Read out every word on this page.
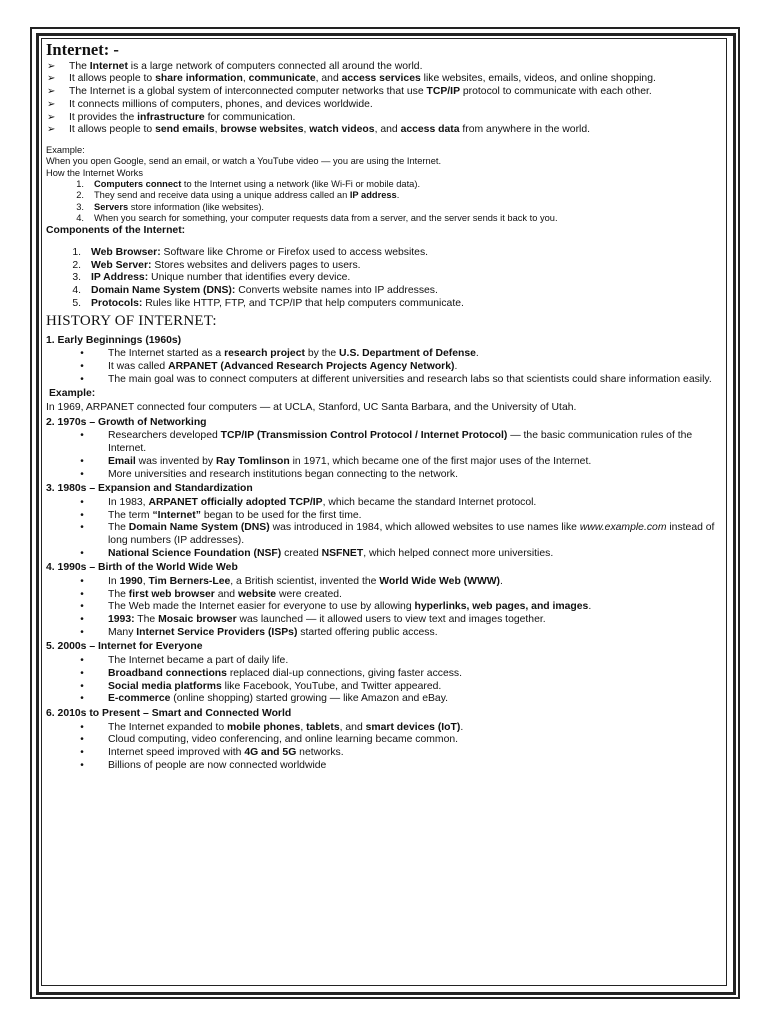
Internet: -
➢	The Internet is a large network of computers connected all around the world.
➢	It allows people to share information, communicate, and access services like websites, emails, videos, and online shopping.
➢	The Internet is a global system of interconnected computer networks that use TCP/IP protocol to communicate with each other.
➢	It connects millions of computers, phones, and devices worldwide.
➢	It provides the infrastructure for communication.
➢	It allows people to send emails, browse websites, watch videos, and access data from anywhere in the world.
Example:
When you open Google, send an email, or watch a YouTube video — you are using the Internet.
How the Internet Works
1.	Computers connect to the Internet using a network (like Wi-Fi or mobile data).
2.	They send and receive data using a unique address called an IP address.
3.	Servers store information (like websites).
4.	When you search for something, your computer requests data from a server, and the server sends it back to you.
Components of the Internet:
1. Web Browser: Software like Chrome or Firefox used to access websites.
2. Web Server: Stores websites and delivers pages to users.
3. IP Address: Unique number that identifies every device.
4. Domain Name System (DNS): Converts website names into IP addresses.
5. Protocols: Rules like HTTP, FTP, and TCP/IP that help computers communicate.
HISTORY OF INTERNET:
1. Early Beginnings (1960s)
•	The Internet started as a research project by the U.S. Department of Defense.
•	It was called ARPANET (Advanced Research Projects Agency Network).
•	The main goal was to connect computers at different universities and research labs so that scientists could share information easily.
Example:
In 1969, ARPANET connected four computers — at UCLA, Stanford, UC Santa Barbara, and the University of Utah.
2. 1970s – Growth of Networking
•	Researchers developed TCP/IP (Transmission Control Protocol / Internet Protocol) — the basic communication rules of the Internet.
•	Email was invented by Ray Tomlinson in 1971, which became one of the first major uses of the Internet.
•	More universities and research institutions began connecting to the network.
3. 1980s – Expansion and Standardization
•	In 1983, ARPANET officially adopted TCP/IP, which became the standard Internet protocol.
•	The term “Internet” began to be used for the first time.
•	The Domain Name System (DNS) was introduced in 1984, which allowed websites to use names like www.example.com instead of long numbers (IP addresses).
•	National Science Foundation (NSF) created NSFNET, which helped connect more universities.
4. 1990s – Birth of the World Wide Web
•	In 1990, Tim Berners-Lee, a British scientist, invented the World Wide Web (WWW).
•	The first web browser and website were created.
•	The Web made the Internet easier for everyone to use by allowing hyperlinks, web pages, and images.
•	1993: The Mosaic browser was launched — it allowed users to view text and images together.
•	Many Internet Service Providers (ISPs) started offering public access.
5. 2000s – Internet for Everyone
•	The Internet became a part of daily life.
•	Broadband connections replaced dial-up connections, giving faster access.
•	Social media platforms like Facebook, YouTube, and Twitter appeared.
•	E-commerce (online shopping) started growing — like Amazon and eBay.
6. 2010s to Present – Smart and Connected World
•	The Internet expanded to mobile phones, tablets, and smart devices (IoT).
•	Cloud computing, video conferencing, and online learning became common.
•	Internet speed improved with 4G and 5G networks.
•	Billions of people are now connected worldwide
